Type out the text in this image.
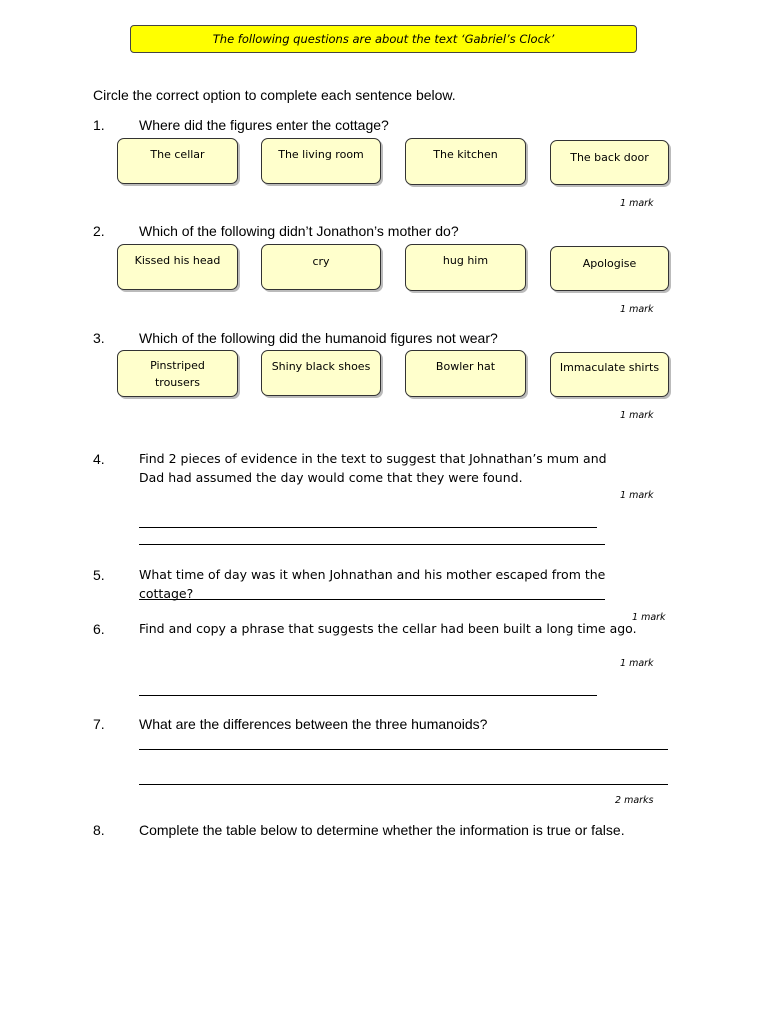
The following questions are about the text ‘Gabriel’s Clock’
Circle the correct option to complete each sentence below.
1. Where did the figures enter the cottage?
The cellar	The living room	The kitchen	The back door
1 mark
2. Which of the following didn’t Jonathon’s mother do?
Kissed his head	cry	hug him	Apologise
1 mark
3. Which of the following did the humanoid figures not wear?
Pinstriped trousers
Shiny black shoes	Bowler hat	Immaculate shirts
1 mark
4.	Find 2 pieces of evidence in the text to suggest that Johnathan’s mum and Dad had assumed the day would come that they were found.
1 mark
5.	What time of day was it when Johnathan and his mother escaped from the cottage?
1 mark
6.	Find and copy a phrase that suggests the cellar had been built a long time ago.
1 mark
7. What are the differences between the three humanoids?
2 marks
8. Complete the table below to determine whether the information is true or false.
